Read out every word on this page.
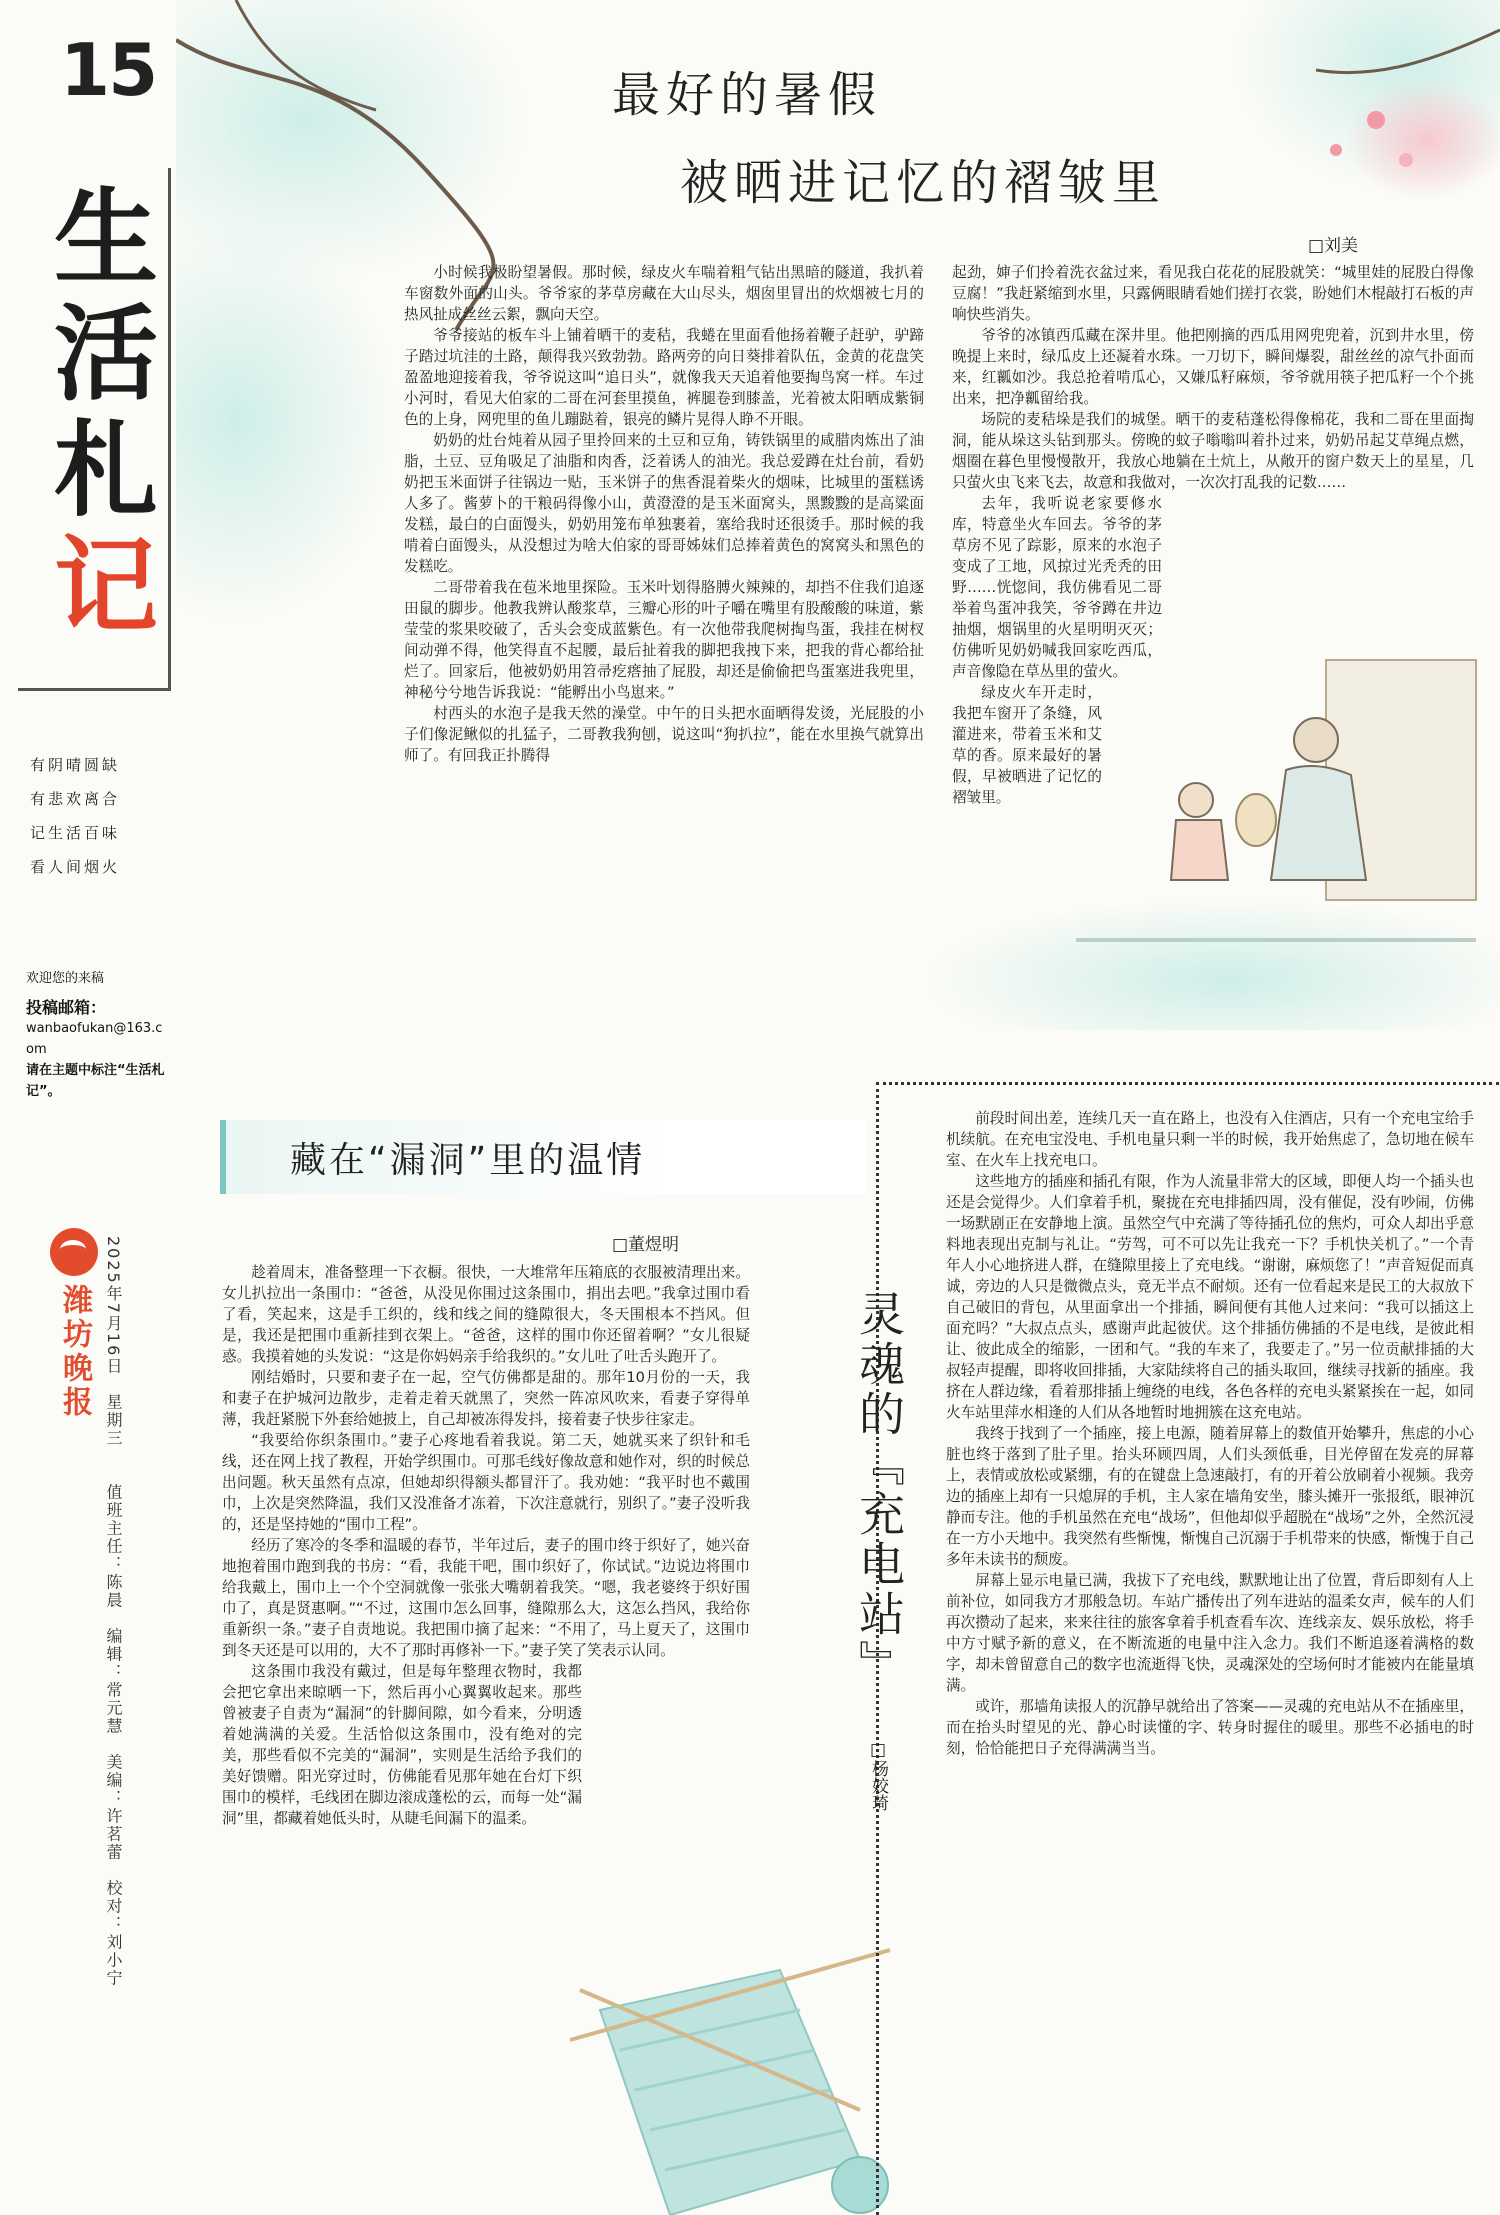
15
生
活
札
记
有阴晴圆缺
有悲欢离合
记生活百味
看人间烟火
欢迎您的来稿
投稿邮箱：
wanbaofukan@163.com
请在主题中标注“生活札记”。
潍坊晚报 2025年7月16日　星期三　　值班主任：陈晨　编辑：常元慧　美编：许茗蕾　校对：刘小宁
最好的暑假
被晒进记忆的褶皱里
□刘美

小时候我极盼望暑假。那时候，绿皮火车喘着粗气钻出黑暗的隧道，我扒着车窗数外面的山头。爷爷家的茅草房藏在大山尽头，烟囱里冒出的炊烟被七月的热风扯成丝丝云絮，飘向天空。

爷爷接站的板车斗上铺着晒干的麦秸，我蜷在里面看他扬着鞭子赶驴，驴蹄子踏过坑洼的土路，颠得我兴致勃勃。路两旁的向日葵排着队伍，金黄的花盘笑盈盈地迎接着我，爷爷说这叫“追日头”，就像我天天追着他要掏鸟窝一样。车过小河时，看见大伯家的二哥在河套里摸鱼，裤腿卷到膝盖，光着被太阳晒成紫铜色的上身，网兜里的鱼儿蹦跶着，银亮的鳞片晃得人睁不开眼。

奶奶的灶台炖着从园子里拎回来的土豆和豆角，铸铁锅里的咸腊肉炼出了油脂，土豆、豆角吸足了油脂和肉香，泛着诱人的油光。我总爱蹲在灶台前，看奶奶把玉米面饼子往锅边一贴，玉米饼子的焦香混着柴火的烟味，比城里的蛋糕诱人多了。酱萝卜的干粮码得像小山，黄澄澄的是玉米面窝头，黑黢黢的是高粱面发糕，最白的白面馒头，奶奶用笼布单独裹着，塞给我时还很烫手。那时候的我啃着白面馒头，从没想过为啥大伯家的哥哥姊妹们总捧着黄色的窝窝头和黑色的发糕吃。

二哥带着我在苞米地里探险。玉米叶划得胳膊火辣辣的，却挡不住我们追逐田鼠的脚步。他教我辨认酸浆草，三瓣心形的叶子嚼在嘴里有股酸酸的味道，紫莹莹的浆果咬破了，舌头会变成蓝紫色。有一次他带我爬树掏鸟蛋，我挂在树杈间动弹不得，他笑得直不起腰，最后扯着我的脚把我拽下来，把我的背心都给扯烂了。回家后，他被奶奶用笤帚疙瘩抽了屁股，却还是偷偷把鸟蛋塞进我兜里，神秘兮兮地告诉我说：“能孵出小鸟崽来。”

村西头的水泡子是我天然的澡堂。中午的日头把水面晒得发烫，光屁股的小子们像泥鳅似的扎猛子，二哥教我狗刨，说这叫“狗扒拉”，能在水里换气就算出师了。有回我正扑腾得

起劲，婶子们拎着洗衣盆过来，看见我白花花的屁股就笑：“城里娃的屁股白得像豆腐！”我赶紧缩到水里，只露俩眼睛看她们搓打衣裳，盼她们木棍敲打石板的声响快些消失。

爷爷的冰镇西瓜藏在深井里。他把刚摘的西瓜用网兜兜着，沉到井水里，傍晚提上来时，绿瓜皮上还凝着水珠。一刀切下，瞬间爆裂，甜丝丝的凉气扑面而来，红瓤如沙。我总抢着啃瓜心，又嫌瓜籽麻烦，爷爷就用筷子把瓜籽一个个挑出来，把净瓤留给我。

场院的麦秸垛是我们的城堡。晒干的麦秸蓬松得像棉花，我和二哥在里面掏洞，能从垛这头钻到那头。傍晚的蚊子嗡嗡叫着扑过来，奶奶吊起艾草绳点燃，烟圈在暮色里慢慢散开，我放心地躺在土炕上，从敞开的窗户数天上的星星，几只萤火虫飞来飞去，故意和我做对，一次次打乱我的记数……

去年，我听说老家要修水库，特意坐火车回去。爷爷的茅草房不见了踪影，原来的水泡子变成了工地，风掠过光秃秃的田野……恍惚间，我仿佛看见二哥举着鸟蛋冲我笑，爷爷蹲在井边抽烟，烟锅里的火星明明灭灭；仿佛听见奶奶喊我回家吃西瓜，声音像隐在草丛里的萤火。

绿皮火车开走时，我把车窗开了条缝，风灌进来，带着玉米和艾草的香。原来最好的暑假，早被晒进了记忆的褶皱里。

藏在“漏洞”里的温情
□董煜明

趁着周末，准备整理一下衣橱。很快，一大堆常年压箱底的衣服被清理出来。女儿扒拉出一条围巾：“爸爸，从没见你围过这条围巾，捐出去吧。”我拿过围巾看了看，笑起来，这是手工织的，线和线之间的缝隙很大，冬天围根本不挡风。但是，我还是把围巾重新挂到衣架上。“爸爸，这样的围巾你还留着啊？”女儿很疑惑。我摸着她的头发说：“这是你妈妈亲手给我织的。”女儿吐了吐舌头跑开了。

刚结婚时，只要和妻子在一起，空气仿佛都是甜的。那年10月份的一天，我和妻子在护城河边散步，走着走着天就黑了，突然一阵凉风吹来，看妻子穿得单薄，我赶紧脱下外套给她披上，自己却被冻得发抖，接着妻子快步往家走。

“我要给你织条围巾。”妻子心疼地看着我说。第二天，她就买来了织针和毛线，还在网上找了教程，开始学织围巾。可那毛线好像故意和她作对，织的时候总出问题。秋天虽然有点凉，但她却织得额头都冒汗了。我劝她：“我平时也不戴围巾，上次是突然降温，我们又没准备才冻着，下次注意就行，别织了。”妻子没听我的，还是坚持她的“围巾工程”。

经历了寒冷的冬季和温暖的春节，半年过后，妻子的围巾终于织好了，她兴奋地抱着围巾跑到我的书房：“看，我能干吧，围巾织好了，你试试。”边说边将围巾给我戴上，围巾上一个个空洞就像一张张大嘴朝着我笑。“嗯，我老婆终于织好围巾了，真是贤惠啊。”“不过，这围巾怎么回事，缝隙那么大，这怎么挡风，我给你重新织一条。”妻子自责地说。我把围巾摘了起来：“不用了，马上夏天了，这围巾到冬天还是可以用的，大不了那时再修补一下。”妻子笑了笑表示认同。

这条围巾我没有戴过，但是每年整理衣物时，我都会把它拿出来晾晒一下，然后再小心翼翼收起来。那些曾被妻子自责为“漏洞”的针脚间隙，如今看来，分明透着她满满的关爱。生活恰似这条围巾，没有绝对的完美，那些看似不完美的“漏洞”，实则是生活给予我们的美好馈赠。阳光穿过时，仿佛能看见那年她在台灯下织围巾的模样，毛线团在脚边滚成蓬松的云，而每一处“漏洞”里，都藏着她低头时，从睫毛间漏下的温柔。

灵魂的『充电站』
□杨姣琦

前段时间出差，连续几天一直在路上，也没有入住酒店，只有一个充电宝给手机续航。在充电宝没电、手机电量只剩一半的时候，我开始焦虑了，急切地在候车室、在火车上找充电口。

这些地方的插座和插孔有限，作为人流量非常大的区域，即便人均一个插头也还是会觉得少。人们拿着手机，聚拢在充电排插四周，没有催促，没有吵闹，仿佛一场默剧正在安静地上演。虽然空气中充满了等待插孔位的焦灼，可众人却出乎意料地表现出克制与礼让。“劳驾，可不可以先让我充一下？手机快关机了。”一个青年人小心地挤进人群，在缝隙里接上了充电线。“谢谢，麻烦您了！”声音短促而真诚，旁边的人只是微微点头，竟无半点不耐烦。还有一位看起来是民工的大叔放下自己破旧的背包，从里面拿出一个排插，瞬间便有其他人过来问：“我可以插这上面充吗？”大叔点点头，感谢声此起彼伏。这个排插仿佛插的不是电线，是彼此相让、彼此成全的缩影，一团和气。“我的车来了，我要走了。”另一位贡献排插的大叔轻声提醒，即将收回排插，大家陆续将自己的插头取回，继续寻找新的插座。我挤在人群边缘，看着那排插上缠绕的电线，各色各样的充电头紧紧挨在一起，如同火车站里萍水相逢的人们从各地暂时地拥簇在这充电站。

我终于找到了一个插座，接上电源，随着屏幕上的数值开始攀升，焦虑的小心脏也终于落到了肚子里。抬头环顾四周，人们头颈低垂，目光停留在发亮的屏幕上，表情或放松或紧绷，有的在键盘上急速敲打，有的开着公放刷着小视频。我旁边的插座上却有一只熄屏的手机，主人家在墙角安坐，膝头摊开一张报纸，眼神沉静而专注。他的手机虽然在充电“战场”，但他却似乎超脱在“战场”之外，全然沉浸在一方小天地中。我突然有些惭愧，惭愧自己沉溺于手机带来的快感，惭愧于自己多年未读书的颓废。

屏幕上显示电量已满，我拔下了充电线，默默地让出了位置，背后即刻有人上前补位，如同我方才那般急切。车站广播传出了列车进站的温柔女声，候车的人们再次攒动了起来，来来往往的旅客拿着手机查看车次、连线亲友、娱乐放松，将手中方寸赋予新的意义，在不断流逝的电量中注入念力。我们不断追逐着满格的数字，却未曾留意自己的数字也流逝得飞快，灵魂深处的空场何时才能被内在能量填满。

或许，那墙角读报人的沉静早就给出了答案——灵魂的充电站从不在插座里，而在抬头时望见的光、静心时读懂的字、转身时握住的暖里。那些不必插电的时刻，恰恰能把日子充得满满当当。
